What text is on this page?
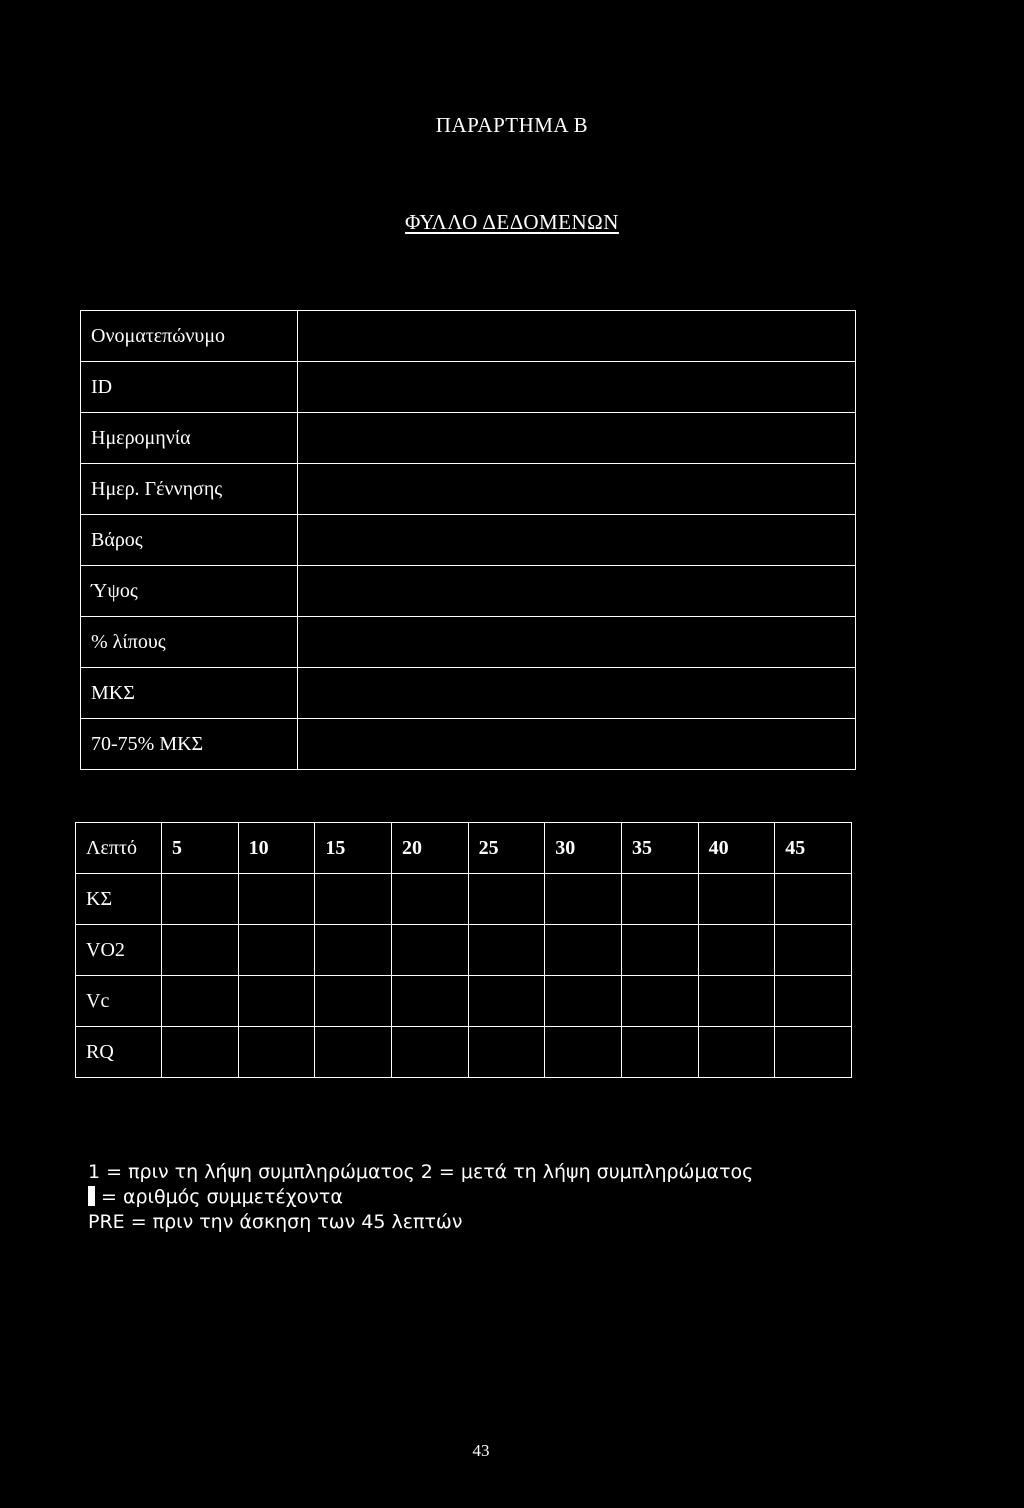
ΠΑΡΑΡΤΗΜΑ Β
ΦΥΛΛΟ ΔΕΔΟΜΕΝΩΝ
Ονοματεπώνυμο	
ID	
Ημερομηνία	
Ημερ. Γέννησης	
Βάρος	
Ύψος	
% λίπους	
ΜΚΣ	
70-75% ΜΚΣ	
Λεπτό	5	10	15	20	25	30	35	40	45
ΚΣ									
VO2									
Vc									
RQ									
1 = πριν τη λήψη συμπληρώματος 2 = μετά τη λήψη συμπληρώματος
= αριθμός συμμετέχοντα
PRE = πριν την άσκηση των 45 λεπτών
43
